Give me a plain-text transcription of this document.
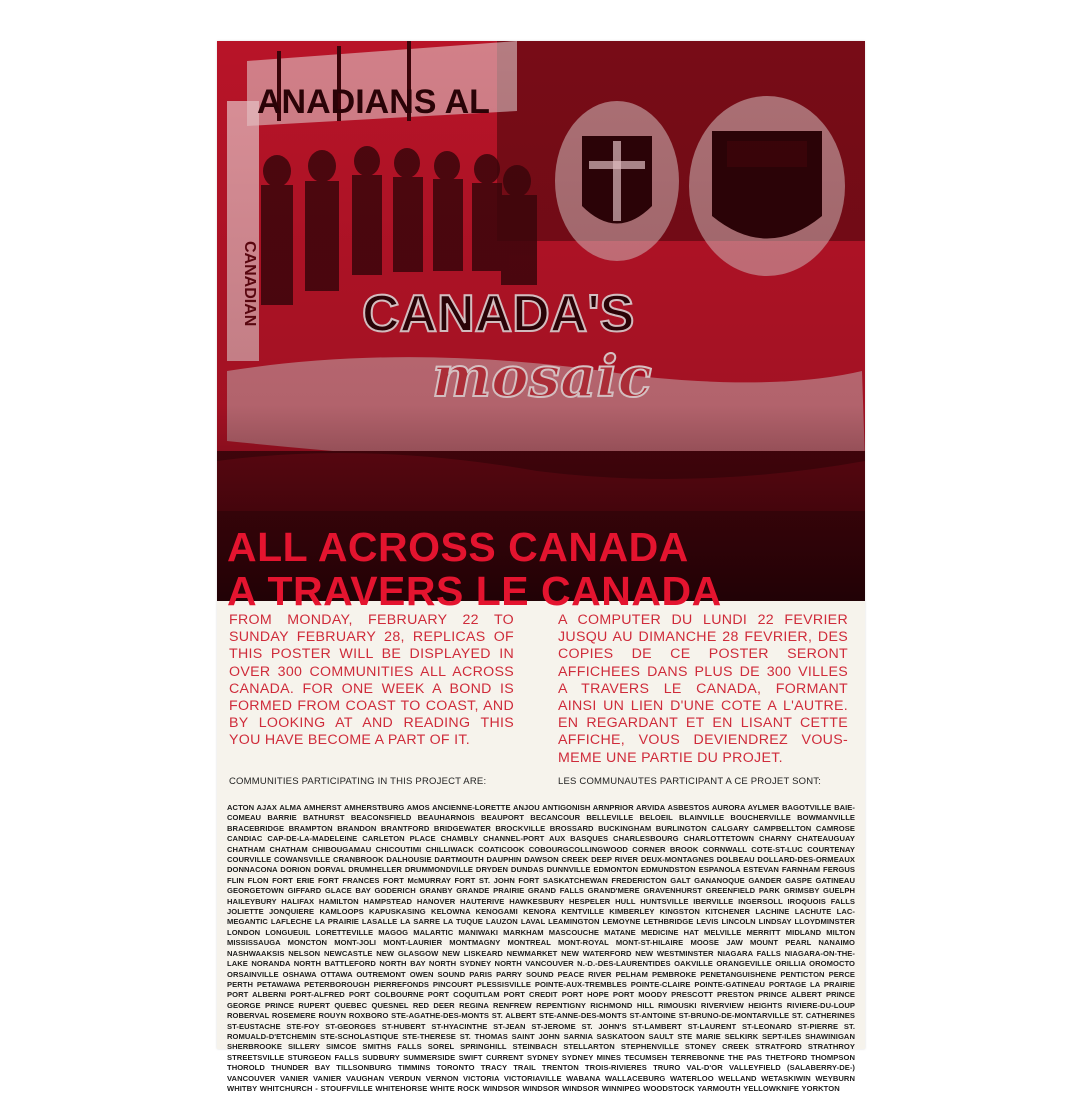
ALL ACROSS CANADA
A TRAVERS LE CANADA
FROM MONDAY, FEBRUARY 22 TO SUNDAY FEBRUARY 28, REPLICAS OF THIS POSTER WILL BE DISPLAYED IN OVER 300 COMMUNITIES ALL ACROSS CANADA. FOR ONE WEEK A BOND IS FORMED FROM COAST TO COAST, AND BY LOOKING AT AND READING THIS YOU HAVE BECOME A PART OF IT.
A COMPUTER DU LUNDI 22 FEVRIER JUSQU AU DIMANCHE 28 FEVRIER, DES COPIES DE CE POSTER SERONT AFFICHEES DANS PLUS DE 300 VILLES A TRAVERS LE CANADA, FORMANT AINSI UN LIEN D'UNE COTE A L'AUTRE. EN REGARDANT ET EN LISANT CETTE AFFICHE, VOUS DEVIENDREZ VOUS-MEME UNE PARTIE DU PROJET.
COMMUNITIES PARTICIPATING IN THIS PROJECT ARE:	LES COMMUNAUTES PARTICIPANT A CE PROJET SONT:
ACTON AJAX ALMA AMHERST AMHERSTBURG AMOS ANCIENNE-LORETTE ANJOU ANTIGONISH ARNPRIOR ARVIDA ASBESTOS AURORA AYLMER BAGOTVILLE BAIE-COMEAU BARRIE BATHURST BEACONSFIELD BEAUHARNOIS BEAUPORT BECANCOUR BELLEVILLE BELOEIL BLAINVILLE BOUCHERVILLE BOWMANVILLE BRACEBRIDGE BRAMPTON BRANDON BRANTFORD BRIDGEWATER BROCKVILLE BROSSARD BUCKINGHAM BURLINGTON CALGARY CAMPBELLTON CAMROSE CANDIAC CAP-DE-LA-MADELEINE CARLETON PLACE CHAMBLY CHANNEL-PORT AUX BASQUES CHARLESBOURG CHARLOTTETOWN CHARNY CHATEAUGUAY CHATHAM CHATHAM CHIBOUGAMAU CHICOUTIMI CHILLIWACK COATICOOK COBOURGCOLLINGWOOD CORNER BROOK CORNWALL COTE-ST-LUC COURTENAY COURVILLE COWANSVILLE CRANBROOK DALHOUSIE DARTMOUTH DAUPHIN DAWSON CREEK DEEP RIVER DEUX-MONTAGNES DOLBEAU DOLLARD-DES-ORMEAUX DONNACONA DORION DORVAL DRUMHELLER DRUMMONDVILLE DRYDEN DUNDAS DUNNVILLE EDMONTON EDMUNDSTON ESPANOLA ESTEVAN FARNHAM FERGUS FLIN FLON FORT ERIE FORT FRANCES FORT McMURRAY FORT ST. JOHN FORT SASKATCHEWAN FREDERICTON GALT GANANOQUE GANDER GASPE GATINEAU GEORGETOWN GIFFARD GLACE BAY GODERICH GRANBY GRANDE PRAIRIE GRAND FALLS GRAND'MERE GRAVENHURST GREENFIELD PARK GRIMSBY GUELPH HAILEYBURY HALIFAX HAMILTON HAMPSTEAD HANOVER HAUTERIVE HAWKESBURY HESPELER HULL HUNTSVILLE IBERVILLE INGERSOLL IROQUOIS FALLS JOLIETTE JONQUIERE KAMLOOPS KAPUSKASING KELOWNA KENOGAMI KENORA KENTVILLE KIMBERLEY KINGSTON KITCHENER LACHINE LACHUTE LAC-MEGANTIC LAFLECHE LA PRAIRIE LASALLE LA SARRE LA TUQUE LAUZON LAVAL LEAMINGTON LEMOYNE LETHBRIDGE LEVIS LINCOLN LINDSAY LLOYDMINSTER LONDON LONGUEUIL LORETTEVILLE MAGOG MALARTIC MANIWAKI MARKHAM MASCOUCHE MATANE MEDICINE HAT MELVILLE MERRITT MIDLAND MILTON MISSISSAUGA MONCTON MONT-JOLI MONT-LAURIER MONTMAGNY MONTREAL MONT-ROYAL MONT-ST-HILAIRE MOOSE JAW MOUNT PEARL NANAIMO NASHWAAKSIS NELSON NEWCASTLE NEW GLASGOW NEW LISKEARD NEWMARKET NEW WATERFORD NEW WESTMINSTER NIAGARA FALLS NIAGARA-ON-THE-LAKE NORANDA NORTH BATTLEFORD NORTH BAY NORTH SYDNEY NORTH VANCOUVER N.-D.-DES-LAURENTIDES OAKVILLE ORANGEVILLE ORILLIA OROMOCTO ORSAINVILLE OSHAWA OTTAWA OUTREMONT OWEN SOUND PARIS PARRY SOUND PEACE RIVER PELHAM PEMBROKE PENETANGUISHENE PENTICTON PERCE PERTH PETAWAWA PETERBOROUGH PIERREFONDS PINCOURT PLESSISVILLE POINTE-AUX-TREMBLES POINTE-CLAIRE POINTE-GATINEAU PORTAGE LA PRAIRIE PORT ALBERNI PORT-ALFRED PORT COLBOURNE PORT COQUITLAM PORT CREDIT PORT HOPE PORT MOODY PRESCOTT PRESTON PRINCE ALBERT PRINCE GEORGE PRINCE RUPERT QUEBEC QUESNEL RED DEER REGINA RENFREW REPENTIGNY RICHMOND HILL RIMOUSKI RIVERVIEW HEIGHTS RIVIERE-DU-LOUP ROBERVAL ROSEMERE ROUYN ROXBORO STE-AGATHE-DES-MONTS ST. ALBERT STE-ANNE-DES-MONTS ST-ANTOINE ST-BRUNO-DE-MONTARVILLE ST. CATHERINES ST-EUSTACHE STE-FOY ST-GEORGES ST-HUBERT ST-HYACINTHE ST-JEAN ST-JEROME ST. JOHN'S ST-LAMBERT ST-LAURENT ST-LEONARD ST-PIERRE ST. ROMUALD-D'ETCHEMIN STE-SCHOLASTIQUE STE-THERESE ST. THOMAS SAINT JOHN SARNIA SASKATOON SAULT STE MARIE SELKIRK SEPT-ILES SHAWINIGAN SHERBROOKE SILLERY SIMCOE SMITHS FALLS SOREL SPRINGHILL STEINBACH STELLARTON STEPHENVILLE STONEY CREEK STRATFORD STRATHROY STREETSVILLE STURGEON FALLS SUDBURY SUMMERSIDE SWIFT CURRENT SYDNEY SYDNEY MINES TECUMSEH TERREBONNE THE PAS THETFORD THOMPSON THOROLD THUNDER BAY TILLSONBURG TIMMINS TORONTO TRACY TRAIL TRENTON TROIS-RIVIERES TRURO VAL-D'OR VALLEYFIELD (SALABERRY-DE-) VANCOUVER VANIER VANIER VAUGHAN VERDUN VERNON VICTORIA VICTORIAVILLE WABANA WALLACEBURG WATERLOO WELLAND WETASKIWIN WEYBURN WHITBY WHITCHURCH - STOUFFVILLE WHITEHORSE WHITE ROCK WINDSOR WINDSOR WINDSOR WINNIPEG WOODSTOCK YARMOUTH YELLOWKNIFE YORKTON
